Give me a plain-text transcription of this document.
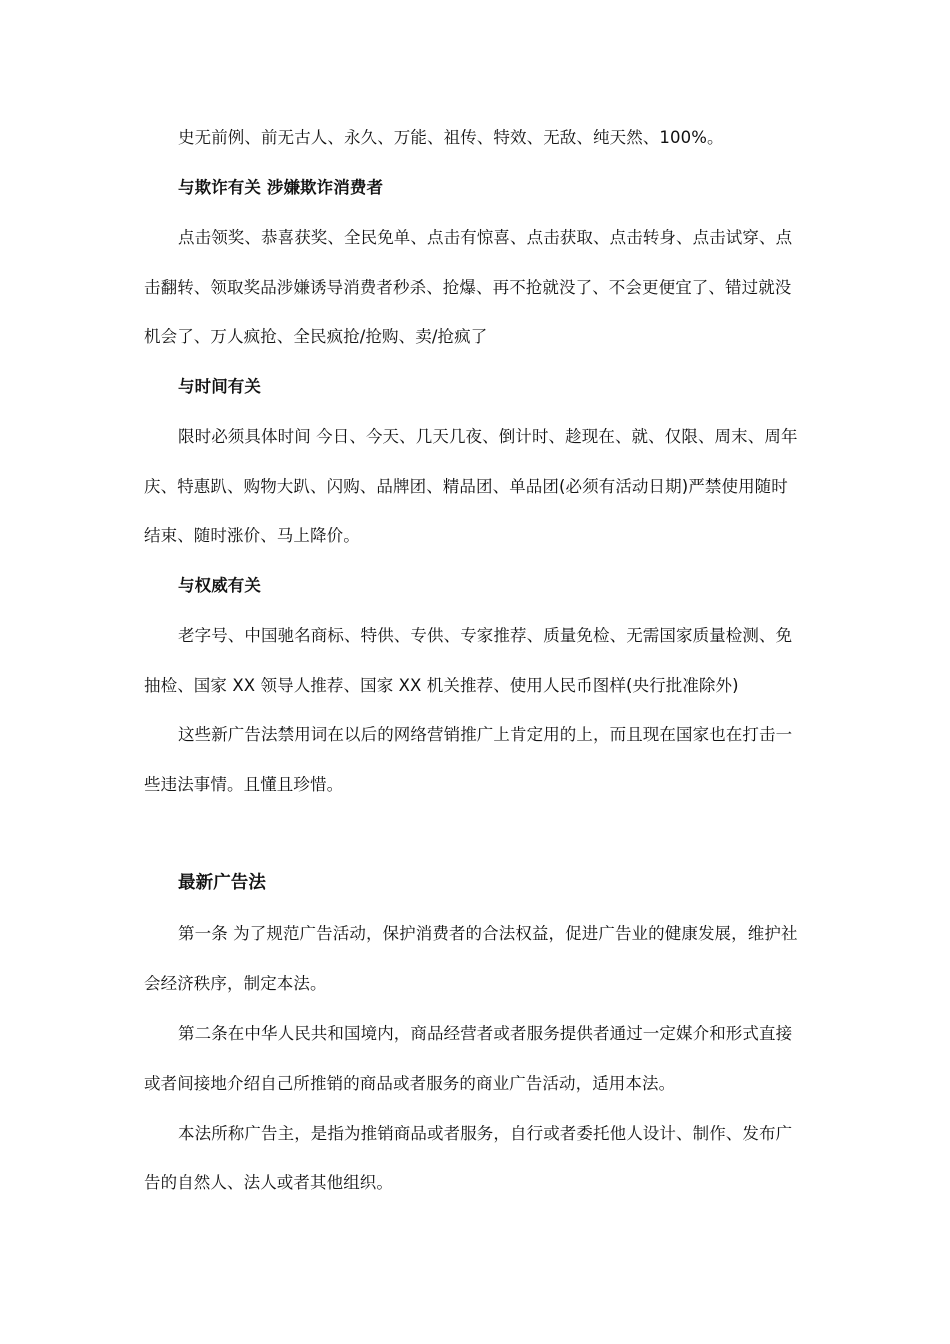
史无前例、前无古人、永久、万能、祖传、特效、无敌、纯天然、100%。

与欺诈有关 涉嫌欺诈消费者

点击领奖、恭喜获奖、全民免单、点击有惊喜、点击获取、点击转身、点击试穿、点

击翻转、领取奖品涉嫌诱导消费者秒杀、抢爆、再不抢就没了、不会更便宜了、错过就没

机会了、万人疯抢、全民疯抢/抢购、卖/抢疯了

与时间有关

限时必须具体时间 今日、今天、几天几夜、倒计时、趁现在、就、仅限、周末、周年

庆、特惠趴、购物大趴、闪购、品牌团、精品团、单品团(必须有活动日期)严禁使用随时

结束、随时涨价、马上降价。

与权威有关

老字号、中国驰名商标、特供、专供、专家推荐、质量免检、无需国家质量检测、免

抽检、国家 XX 领导人推荐、国家 XX 机关推荐、使用人民币图样(央行批准除外)

这些新广告法禁用词在以后的网络营销推广上肯定用的上，而且现在国家也在打击一

些违法事情。且懂且珍惜。

最新广告法

第一条 为了规范广告活动，保护消费者的合法权益，促进广告业的健康发展，维护社

会经济秩序，制定本法。

第二条在中华人民共和国境内，商品经营者或者服务提供者通过一定媒介和形式直接

或者间接地介绍自己所推销的商品或者服务的商业广告活动，适用本法。

本法所称广告主，是指为推销商品或者服务，自行或者委托他人设计、制作、发布广

告的自然人、法人或者其他组织。
